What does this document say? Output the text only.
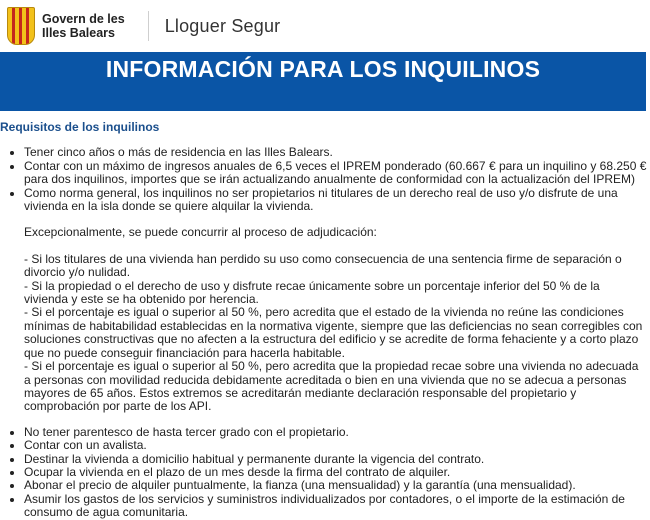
Govern de les
Illes Balears	Lloguer Segur
INFORMACIÓN PARA LOS INQUILINOS
Requisitos de los inquilinos
• Tener cinco años o más de residencia en las Illes Balears.
• Contar con un máximo de ingresos anuales de 6,5 veces el IPREM ponderado (60.667 € para un inquilino y 68.250 € para dos inquilinos, importes que se irán actualizando anualmente de conformidad con la actualización del IPREM)
• Como norma general, los inquilinos no ser propietarios ni titulares de un derecho real de uso y/o disfrute de una vivienda en la isla donde se quiere alquilar la vivienda.
Excepcionalmente, se puede concurrir al proceso de adjudicación:
- Si los titulares de una vivienda han perdido su uso como consecuencia de una sentencia firme de separación o divorcio y/o nulidad.
- Si la propiedad o el derecho de uso y disfrute recae únicamente sobre un porcentaje inferior del 50 % de la vivienda y este se ha obtenido por herencia.
- Si el porcentaje es igual o superior al 50 %, pero acredita que el estado de la vivienda no reúne las condiciones mínimas de habitabilidad establecidas en la normativa vigente, siempre que las deficiencias no sean corregibles con soluciones constructivas que no afecten a la estructura del edificio y se acredite de forma fehaciente y a corto plazo que no puede conseguir financiación para hacerla habitable.
- Si el porcentaje es igual o superior al 50 %, pero acredita que la propiedad recae sobre una vivienda no adecuada a personas con movilidad reducida debidamente acreditada o bien en una vivienda que no se adecua a personas mayores de 65 años. Estos extremos se acreditarán mediante declaración responsable del propietario y comprobación por parte de los API.
• No tener parentesco de hasta tercer grado con el propietario.
• Contar con un avalista.
• Destinar la vivienda a domicilio habitual y permanente durante la vigencia del contrato.
• Ocupar la vivienda en el plazo de un mes desde la firma del contrato de alquiler.
• Abonar el precio de alquiler puntualmente, la fianza (una mensualidad) y la garantía (una mensualidad).
• Asumir los gastos de los servicios y suministros individualizados por contadores, o el importe de la estimación de consumo de agua comunitaria.
